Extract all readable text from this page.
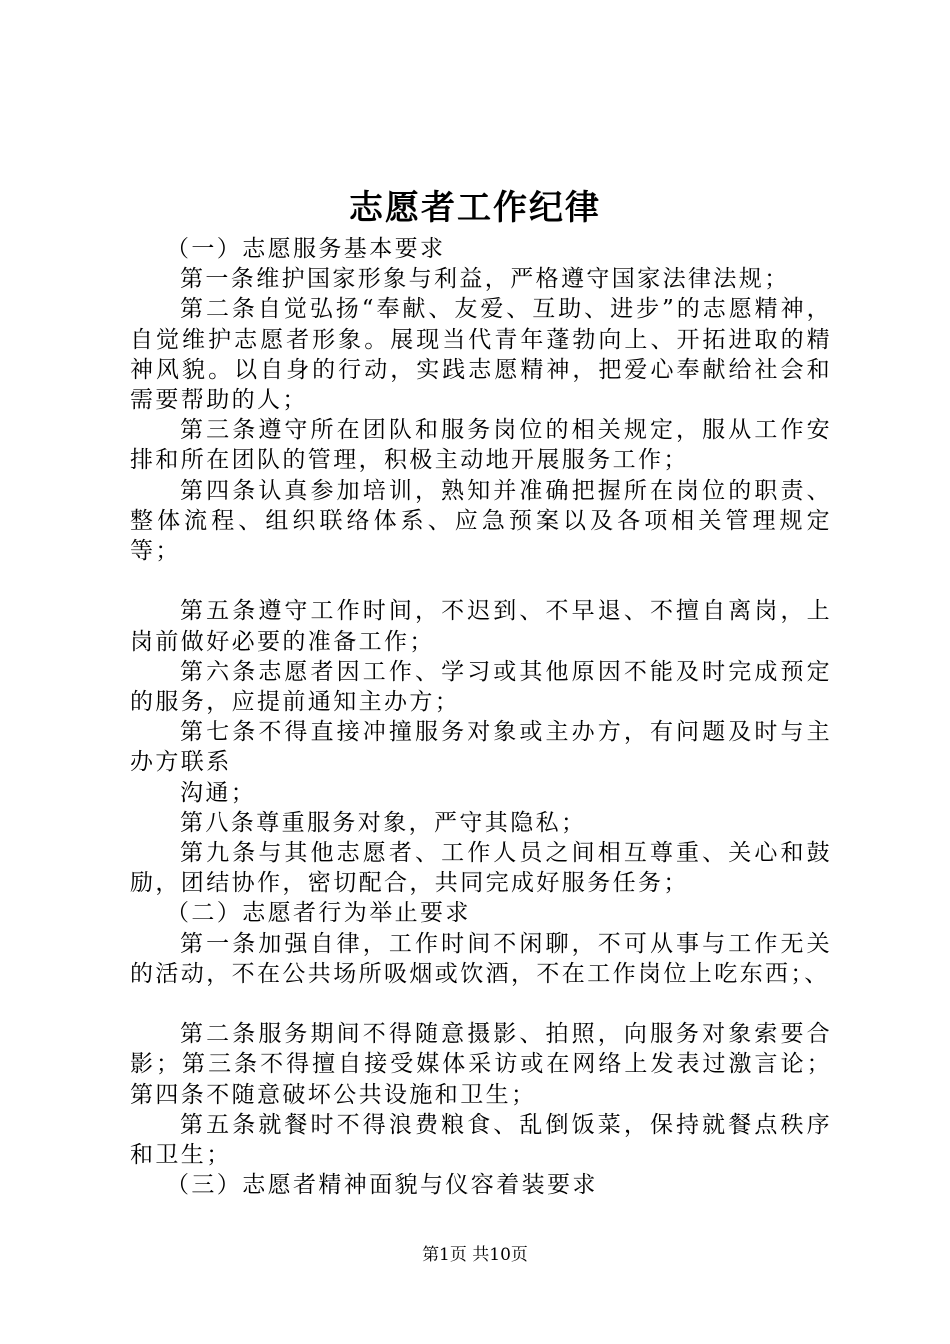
志愿者工作纪律

（一）志愿服务基本要求

第一条维护国家形象与利益，严格遵守国家法律法规；

第二条自觉弘扬“奉献、友爱、互助、进步”的志愿精神，自觉维护志愿者形象。展现当代青年蓬勃向上、开拓进取的精神风貌。以自身的行动，实践志愿精神，把爱心奉献给社会和需要帮助的人；

第三条遵守所在团队和服务岗位的相关规定，服从工作安排和所在团队的管理，积极主动地开展服务工作；

第四条认真参加培训，熟知并准确把握所在岗位的职责、整体流程、组织联络体系、应急预案以及各项相关管理规定等；

第五条遵守工作时间，不迟到、不早退、不擅自离岗，上岗前做好必要的准备工作；

第六条志愿者因工作、学习或其他原因不能及时完成预定的服务，应提前通知主办方；

第七条不得直接冲撞服务对象或主办方，有问题及时与主办方联系

沟通；

第八条尊重服务对象，严守其隐私；

第九条与其他志愿者、工作人员之间相互尊重、关心和鼓励，团结协作，密切配合，共同完成好服务任务；

（二）志愿者行为举止要求

第一条加强自律，工作时间不闲聊，不可从事与工作无关的活动，不在公共场所吸烟或饮酒，不在工作岗位上吃东西；、

第二条服务期间不得随意摄影、拍照，向服务对象索要合影；第三条不得擅自接受媒体采访或在网络上发表过激言论；第四条不随意破坏公共设施和卫生；

第五条就餐时不得浪费粮食、乱倒饭菜，保持就餐点秩序和卫生；

（三）志愿者精神面貌与仪容着装要求

第1页 共10页
